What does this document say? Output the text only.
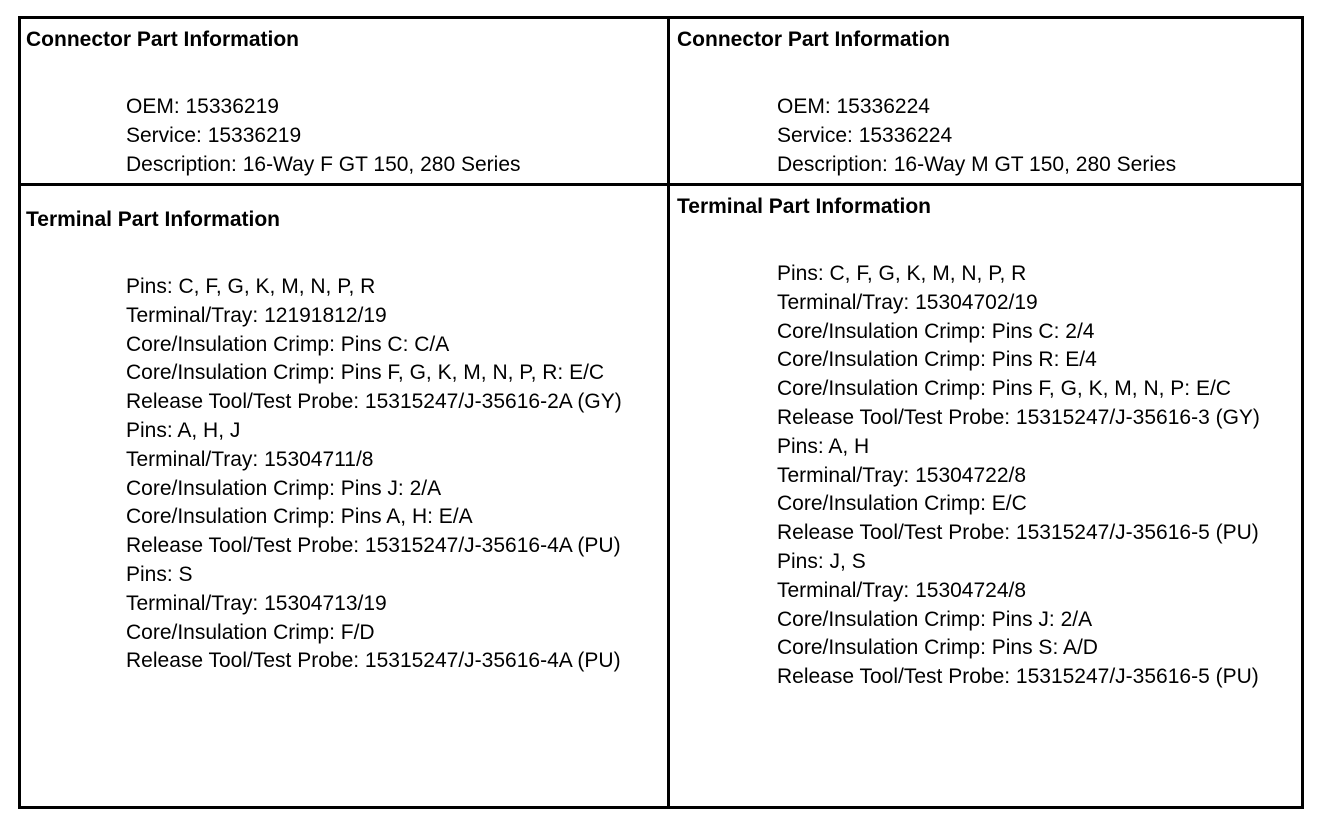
Connector Part Information
OEM: 15336219
Service: 15336219
Description: 16-Way F GT 150, 280 Series
Connector Part Information
OEM: 15336224
Service: 15336224
Description: 16-Way M GT 150, 280 Series
Terminal Part Information
Pins: C, F, G, K, M, N, P, R
Terminal/Tray: 12191812/19
Core/Insulation Crimp: Pins C: C/A
Core/Insulation Crimp: Pins F, G, K, M, N, P, R: E/C
Release Tool/Test Probe: 15315247/J-35616-2A (GY)
Pins: A, H, J
Terminal/Tray: 15304711/8
Core/Insulation Crimp: Pins J: 2/A
Core/Insulation Crimp: Pins A, H: E/A
Release Tool/Test Probe: 15315247/J-35616-4A (PU)
Pins: S
Terminal/Tray: 15304713/19
Core/Insulation Crimp: F/D
Release Tool/Test Probe: 15315247/J-35616-4A (PU)
Terminal Part Information
Pins: C, F, G, K, M, N, P, R
Terminal/Tray: 15304702/19
Core/Insulation Crimp: Pins C: 2/4
Core/Insulation Crimp: Pins R: E/4
Core/Insulation Crimp: Pins F, G, K, M, N, P: E/C
Release Tool/Test Probe: 15315247/J-35616-3 (GY)
Pins: A, H
Terminal/Tray: 15304722/8
Core/Insulation Crimp: E/C
Release Tool/Test Probe: 15315247/J-35616-5 (PU)
Pins: J, S
Terminal/Tray: 15304724/8
Core/Insulation Crimp: Pins J: 2/A
Core/Insulation Crimp: Pins S: A/D
Release Tool/Test Probe: 15315247/J-35616-5 (PU)
